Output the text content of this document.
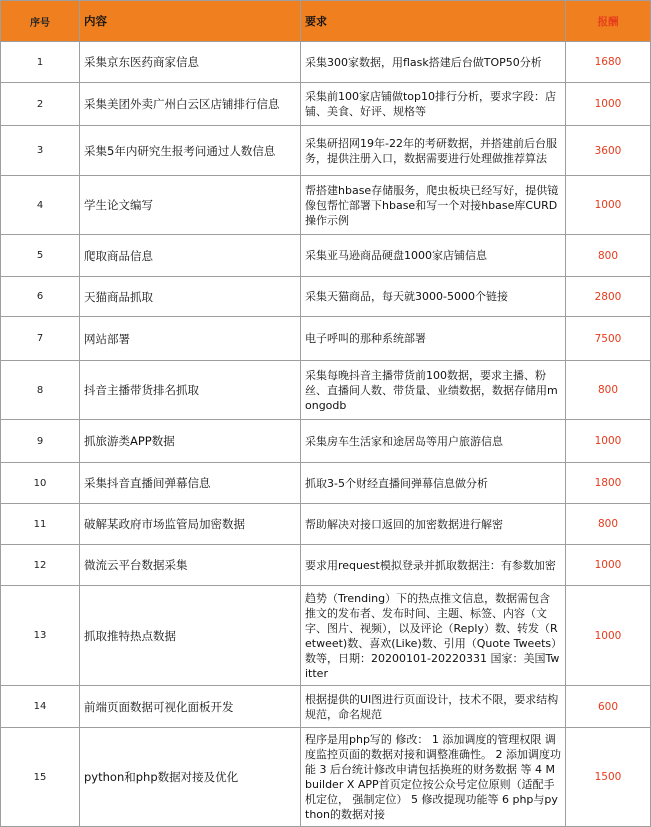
序号	内容	要求	报酬
1	采集京东医药商家信息	采集300家数据，用flask搭建后台做TOP50分析	1680
2	采集美团外卖广州白云区店铺排行信息	采集前100家店铺做top10排行分析，要求字段：店铺、美食、好评、规格等	1000
3	采集5年内研究生报考问通过人数信息	采集研招网19年-22年的考研数据，并搭建前后台服务，提供注册入口，数据需要进行处理做推荐算法	3600
4	学生论文编写	帮搭建hbase存储服务，爬虫板块已经写好，提供镜像包帮忙部署下hbase和写一个对接hbase库CURD操作示例	1000
5	爬取商品信息	采集亚马逊商品硬盘1000家店铺信息	800
6	天猫商品抓取	采集天猫商品，每天就3000-5000个链接	2800
7	网站部署	电子呼叫的那种系统部署	7500
8	抖音主播带货排名抓取	采集每晚抖音主播带货前100数据，要求主播、粉丝、直播间人数、带货量、业绩数据，数据存储用mongodb	800
9	抓旅游类APP数据	采集房车生活家和途居岛等用户旅游信息	1000
10	采集抖音直播间弹幕信息	抓取3-5个财经直播间弹幕信息做分析	1800
11	破解某政府市场监管局加密数据	帮助解决对接口返回的加密数据进行解密	800
12	微流云平台数据采集	要求用request模拟登录并抓取数据注：有参数加密	1000
13	抓取推特热点数据	趋势（Trending）下的热点推文信息，数据需包含推文的发布者、发布时间、主题、标签、内容（文字、图片、视频），以及评论（Reply）数、转发（Retweet)数、喜欢(Like)数、引用（Quote Tweets）数等，日期：20200101-20220331 国家：美国Twitter	1000
14	前端页面数据可视化面板开发	根据提供的UI图进行页面设计，技术不限，要求结构规范，命名规范	600
15	python和php数据对接及优化	程序是用php写的 修改： 1 添加调度的管理权限 调度监控页面的数据对接和调整准确性。 2 添加调度功能 3 后台统计修改申请包括换班的财务数据 等 4 Mbuilder X APP首页定位按公众号定位原则（适配手机定位， 强制定位） 5 修改提现功能等 6 php与python的数据对接	1500
